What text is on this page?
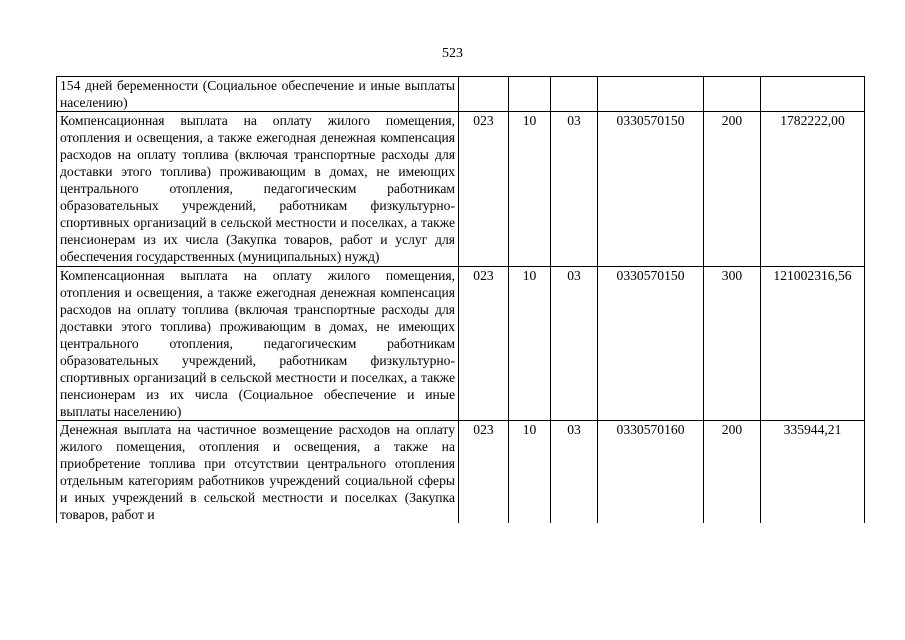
523
154 дней беременности (Социальное обеспечение и иные выплаты населению)						
Компенсационная выплата на оплату жилого помещения, отопления и освещения, а также ежегодная денежная компенсация расходов на оплату топлива (включая транспортные расходы для доставки этого топлива) проживающим в домах, не имеющих центрального отопления, педагогическим работникам образовательных учреждений, работникам физкультурно-спортивных организаций в сельской местности и поселках, а также пенсионерам из их числа (Закупка товаров, работ и услуг для обеспечения государственных (муниципальных) нужд)	023	10	03	0330570150	200	1782222,00
Компенсационная выплата на оплату жилого помещения, отопления и освещения, а также ежегодная денежная компенсация расходов на оплату топлива (включая транспортные расходы для доставки этого топлива) проживающим в домах, не имеющих центрального отопления, педагогическим работникам образовательных учреждений, работникам физкультурно-спортивных организаций в сельской местности и поселках, а также пенсионерам из их числа (Социальное обеспечение и иные выплаты населению)	023	10	03	0330570150	300	121002316,56
Денежная выплата на частичное возмещение расходов на оплату жилого помещения, отопления и освещения, а также на приобретение топлива при отсутствии центрального отопления отдельным категориям работников учреждений социальной сферы и иных учреждений в сельской местности и поселках (Закупка товаров, работ и	023	10	03	0330570160	200	335944,21
